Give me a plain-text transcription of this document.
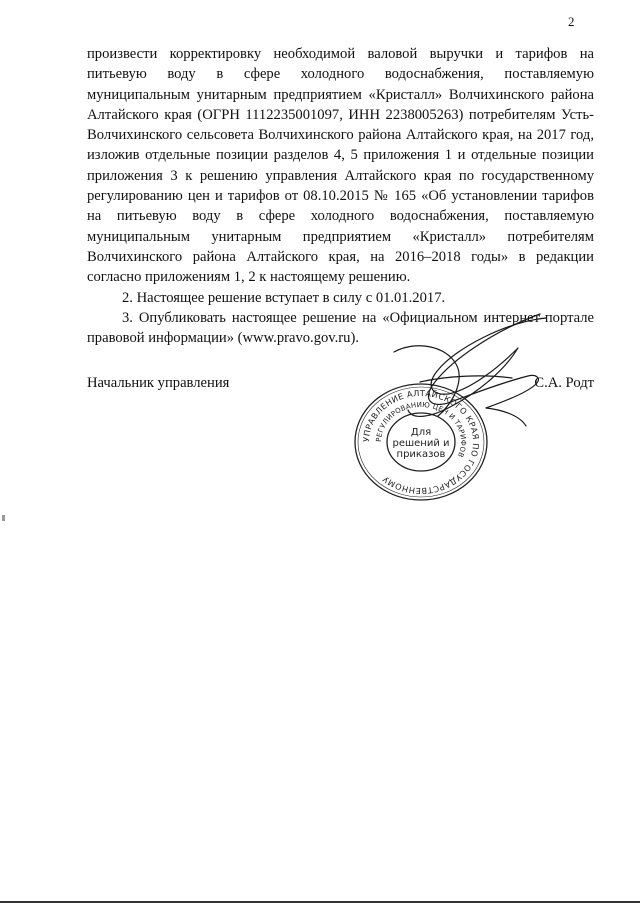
2

произвести корректировку необходимой валовой выручки и тарифов на питьевую воду в сфере холодного водоснабжения, поставляемую муниципальным унитарным предприятием «Кристалл» Волчихинского района Алтайского края (ОГРН 1112235001097, ИНН 2238005263) потребителям Усть-Волчихинского сельсовета Волчихинского района Алтайского края, на 2017 год, изложив отдельные позиции разделов 4, 5 приложения 1 и отдельные позиции приложения 3 к решению управления Алтайского края по государственному регулированию цен и тарифов от 08.10.2015 № 165 «Об установлении тарифов на питьевую воду в сфере холодного водоснабжения, поставляемую муниципальным унитарным предприятием «Кристалл» потребителям Волчихинского района Алтайского края, на 2016–2018 годы» в редакции согласно приложениям 1, 2 к настоящему решению.

2. Настоящее решение вступает в силу с 01.01.2017.

3. Опубликовать настоящее решение на «Официальном интернет-портале правовой информации» (www.pravo.gov.ru).

Начальник управления	С.А. Родт
УПРАВЛЕНИЕ АЛТАЙСКОГО КРАЯ ПО ГОСУДАРСТВЕННОМУ
РЕГУЛИРОВАНИЮ ЦЕН И ТАРИФОВ
Для
решений и
приказов
